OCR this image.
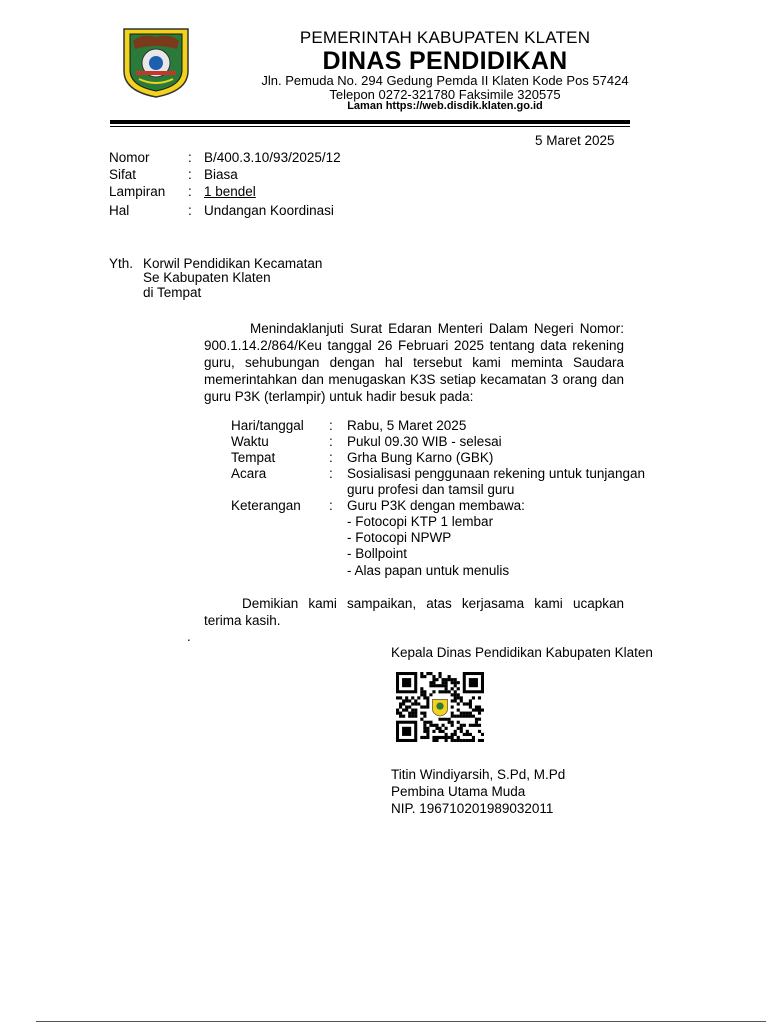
PEMERINTAH KABUPATEN KLATEN
DINAS PENDIDIKAN
Jln. Pemuda No. 294 Gedung Pemda II Klaten Kode Pos 57424
Telepon 0272-321780 Faksimile 320575
Laman https://web.disdik.klaten.go.id
5 Maret 2025
Nomor	: B/400.3.10/93/2025/12
Sifat	: Biasa
Lampiran : 1 bendel
Hal	: Undangan Koordinasi
Yth. Korwil Pendidikan Kecamatan
Se Kabupaten Klaten
di Tempat
Menindaklanjuti Surat Edaran Menteri Dalam Negeri Nomor: 900.1.14.2/864/Keu tanggal 26 Februari 2025 tentang data rekening guru, sehubungan dengan hal tersebut kami meminta Saudara memerintahkan dan menugaskan K3S setiap kecamatan 3 orang dan guru P3K (terlampir) untuk hadir besuk pada:
Hari/tanggal : Rabu, 5 Maret 2025
Waktu	: Pukul 09.30 WIB - selesai
Tempat	: Grha Bung Karno (GBK)
Acara	: Sosialisasi penggunaan rekening untuk tunjangan
guru profesi dan tamsil guru
Keterangan : Guru P3K dengan membawa:
- Fotocopi KTP 1 lembar
- Fotocopi NPWP
- Bollpoint
- Alas papan untuk menulis
Demikian kami sampaikan, atas kerjasama kami ucapkan terima kasih.
.
Kepala Dinas Pendidikan Kabupaten Klaten
Titin Windiyarsih, S.Pd, M.Pd
Pembina Utama Muda
NIP. 196710201989032011
